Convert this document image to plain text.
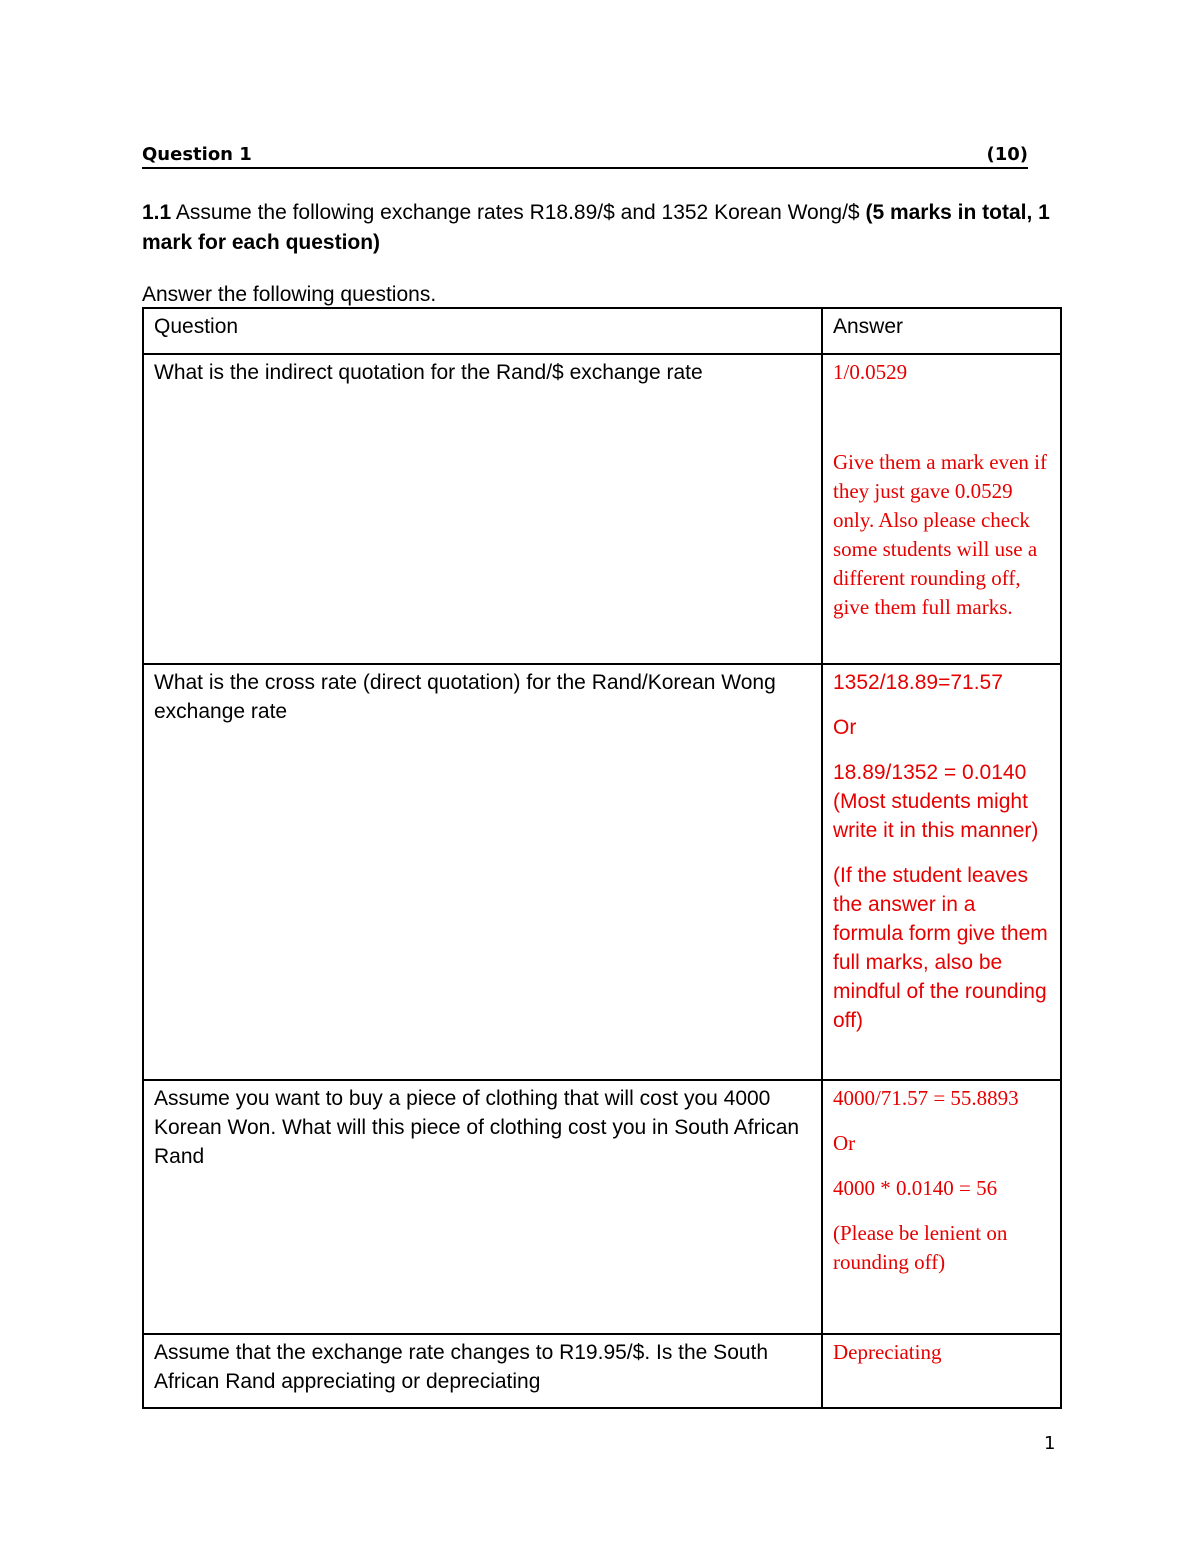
Question 1	(10)
1.1 Assume the following exchange rates R18.89/$ and 1352 Korean Wong/$ (5 marks in total, 1 mark for each question)
Answer the following questions.
Question	Answer
What is the indirect quotation for the Rand/$ exchange rate	1/0.0529
Give them a mark even if they just gave 0.0529 only. Also please check some students will use a different rounding off, give them full marks.

What is the cross rate (direct quotation) for the Rand/Korean Wong exchange rate	1352/18.89=71.57
Or
18.89/1352 = 0.0140 (Most students might write it in this manner)
(If the student leaves the answer in a formula form give them full marks, also be mindful of the rounding off)

Assume you want to buy a piece of clothing that will cost you 4000 Korean Won. What will this piece of clothing cost you in South African Rand	4000/71.57 = 55.8893
Or
4000 * 0.0140 = 56
(Please be lenient on rounding off)

Assume that the exchange rate changes to R19.95/$. Is the South African Rand appreciating or depreciating	Depreciating
1
